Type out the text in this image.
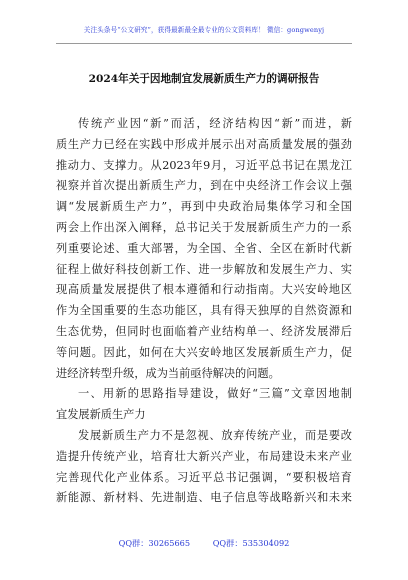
关注头条号“公文研究”，获得最新最全最专业的公文资料库！ 微信：gongwenyj
2024年关于因地制宜发展新质生产力的调研报告
传统产业因“新”而活，经济结构因“新”而进，新
质生产力已经在实践中形成并展示出对高质量发展的强劲
推动力、支撑力。从2023年9月，习近平总书记在黑龙江
视察并首次提出新质生产力，到在中央经济工作会议上强
调“发展新质生产力”，再到中央政治局集体学习和全国
两会上作出深入阐释，总书记关于发展新质生产力的一系
列重要论述、重大部署，为全国、全省、全区在新时代新
征程上做好科技创新工作、进一步解放和发展生产力、实
现高质量发展提供了根本遵循和行动指南。大兴安岭地区
作为全国重要的生态功能区，具有得天独厚的自然资源和
生态优势，但同时也面临着产业结构单一、经济发展滞后
等问题。因此，如何在大兴安岭地区发展新质生产力，促
进经济转型升级，成为当前亟待解决的问题。
一、用新的思路指导建设，做好“三篇”文章因地制
宜发展新质生产力
发展新质生产力不是忽视、放弃传统产业，而是要改
造提升传统产业，培育壮大新兴产业，布局建设未来产业
完善现代化产业体系。习近平总书记强调，“要积极培育
新能源、新材料、先进制造、电子信息等战略新兴和未来
QQ群：30265665	QQ群：535304092
